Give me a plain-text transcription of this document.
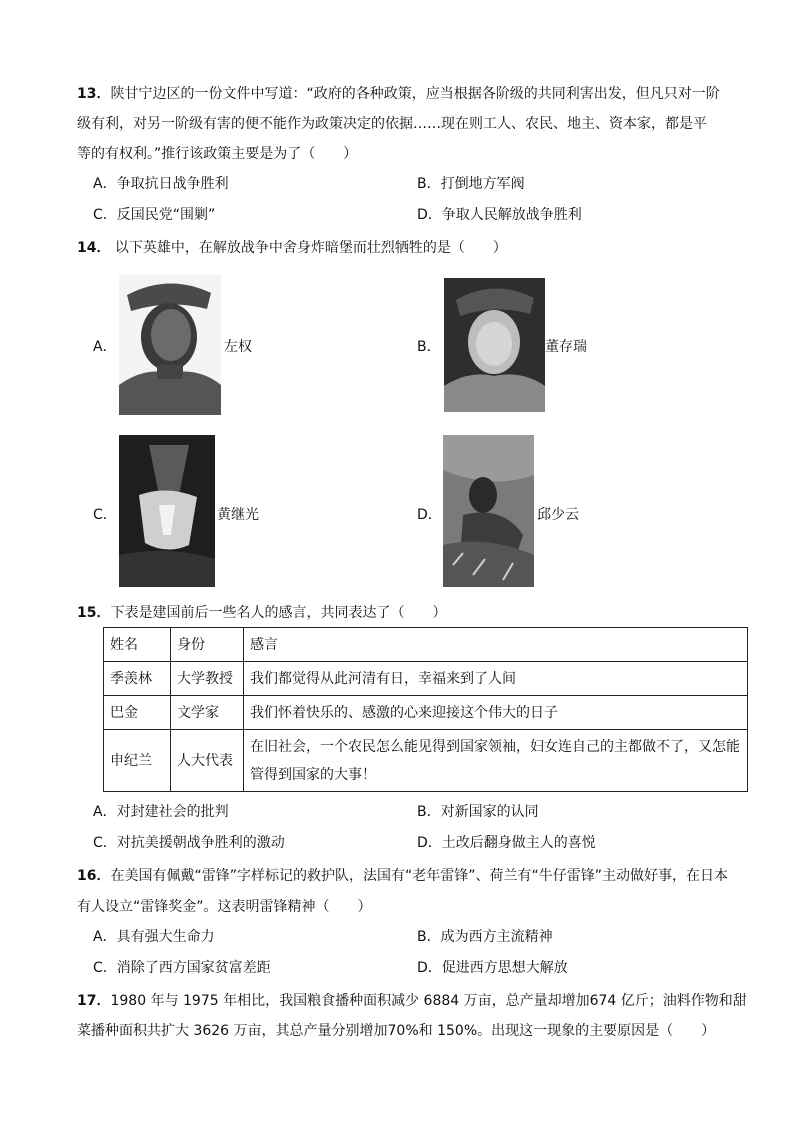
13．陕甘宁边区的一份文件中写道：“政府的各种政策，应当根据各阶级的共同利害出发，但凡只对一阶
级有利，对另一阶级有害的便不能作为政策决定的依据……现在则工人、农民、地主、资本家，都是平
等的有权利。”推行该政策主要是为了（　　）
A．争取抗日战争胜利	B．打倒地方军阀
C．反国民党“围剿”	D．争取人民解放战争胜利
14． 以下英雄中，在解放战争中舍身炸暗堡而壮烈牺牲的是（　　）
A．	左权	B．	董存瑞
C．	黄继光	D．	邱少云
15．下表是建国前后一些名人的感言，共同表达了（　　）
姓名	身份	感言
季羡林	大学教授	我们都觉得从此河清有日，幸福来到了人间
巴金	文学家	我们怀着快乐的、感激的心来迎接这个伟大的日子
申纪兰	人大代表	在旧社会，一个农民怎么能见得到国家领袖，妇女连自己的主都做不了，又怎能管得到国家的大事！
A．对封建社会的批判	B．对新国家的认同
C．对抗美援朝战争胜利的激动	D．土改后翻身做主人的喜悦
16．在美国有佩戴“雷锋”字样标记的救护队，法国有“老年雷锋”、荷兰有“牛仔雷锋”主动做好事，在日本
有人设立“雷锋奖金”。这表明雷锋精神（　　）
A．具有强大生命力	B．成为西方主流精神
C．消除了西方国家贫富差距	D．促进西方思想大解放
17．1980 年与 1975 年相比，我国粮食播种面积减少 6884 万亩，总产量却增加674 亿斤；油料作物和甜
菜播种面积共扩大 3626 万亩，其总产量分别增加70%和 150%。出现这一现象的主要原因是（　　）
